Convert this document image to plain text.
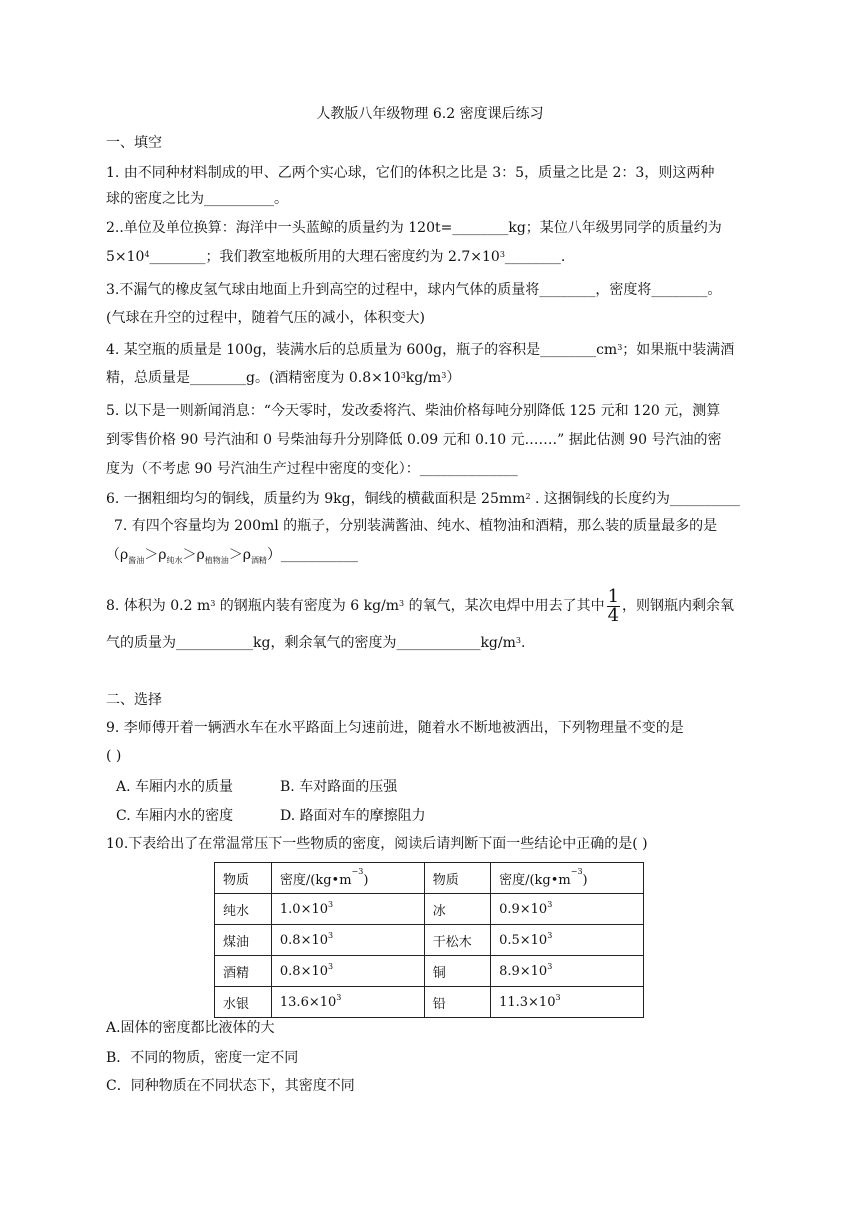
人教版八年级物理 6.2 密度课后练习
一、填空
1. 由不同种材料制成的甲、乙两个实心球，它们的体积之比是 3：5，质量之比是 2：3，则这两种
球的密度之比为__________。
2..单位及单位换算：海洋中一头蓝鲸的质量约为 120t=________kg；某位八年级男同学的质量约为
$5\times 10^4\_\_\_\_\_\_\_\_$；我们教室地板所用的大理石密度约为 $2.7\times 10^3\_\_\_\_\_\_\_\_$.
3.不漏气的橡皮氢气球由地面上升到高空的过程中，球内气体的质量将________，密度将________。
(气球在升空的过程中，随着气压的减小，体积变大)
4. 某空瓶的质量是 100g，装满水后的总质量为 600g，瓶子的容积是$\_\_\_\_\_\_\_\_cm^3$；如果瓶中装满酒
精，总质量是________g。(酒精密度为 $0.8\times 10^3kg/m^3$）
5. 以下是一则新闻消息：“今天零时，发改委将汽、柴油价格每吨分别降低 125 元和 120 元，测算
到零售价格 90 号汽油和 0 号柴油每升分别降低 0.09 元和 0.10 元.……” 据此估测 90 号汽油的密
度为（不考虑 90 号汽油生产过程中密度的变化）：______________
6. 一捆粗细均匀的铜线，质量约为 9kg，铜线的横截面积是 $25mm^2$ . 这捆铜线的长度约为__________
7. 有四个容量均为 200ml 的瓶子，分别装满酱油、纯水、植物油和酒精，那么装的质量最多的是
$(\rho_{酱油}>\rho_{纯水}>\rho_{植物油}>\rho_{酒精})\_\_\_\_\_\_\_\_\_\_\_$
8. 体积为 0.2 $m^3$ 的钢瓶内装有密度为 6 $kg/m^3$ 的氧气，某次电焊中用去了其中 $\frac{1}{4}$ ，则钢瓶内剩余氧
气的质量为___________kg，剩余氧气的密度为$\_\_\_\_\_\_\_\_\_\_\_\_kg/m^3$.
二、选择
9. 李师傅开着一辆洒水车在水平路面上匀速前进，随着水不断地被洒出，下列物理量不变的是
( )
A. 车厢内水的质量	B. 车对路面的压强
C. 车厢内水的密度	D. 路面对车的摩擦阻力
10.下表给出了在常温常压下一些物质的密度，阅读后请判断下面一些结论中正确的是( )
物质	密度$/(kg•m^{-3})$	物质	密度$/(kg•m^{-3})$
纯水	$1.0\times 10^3$	冰	$0.9\times 10^3$
煤油	$0.8\times 10^3$	干松木	$0.5\times 10^3$
酒精	$0.8\times 10^3$	铜	$8.9\times 10^3$
水银	$13.6\times 10^3$	铅	$11.3\times 10^3$
A.固体的密度都比液体的大
B．不同的物质，密度一定不同
C．同种物质在不同状态下，其密度不同
